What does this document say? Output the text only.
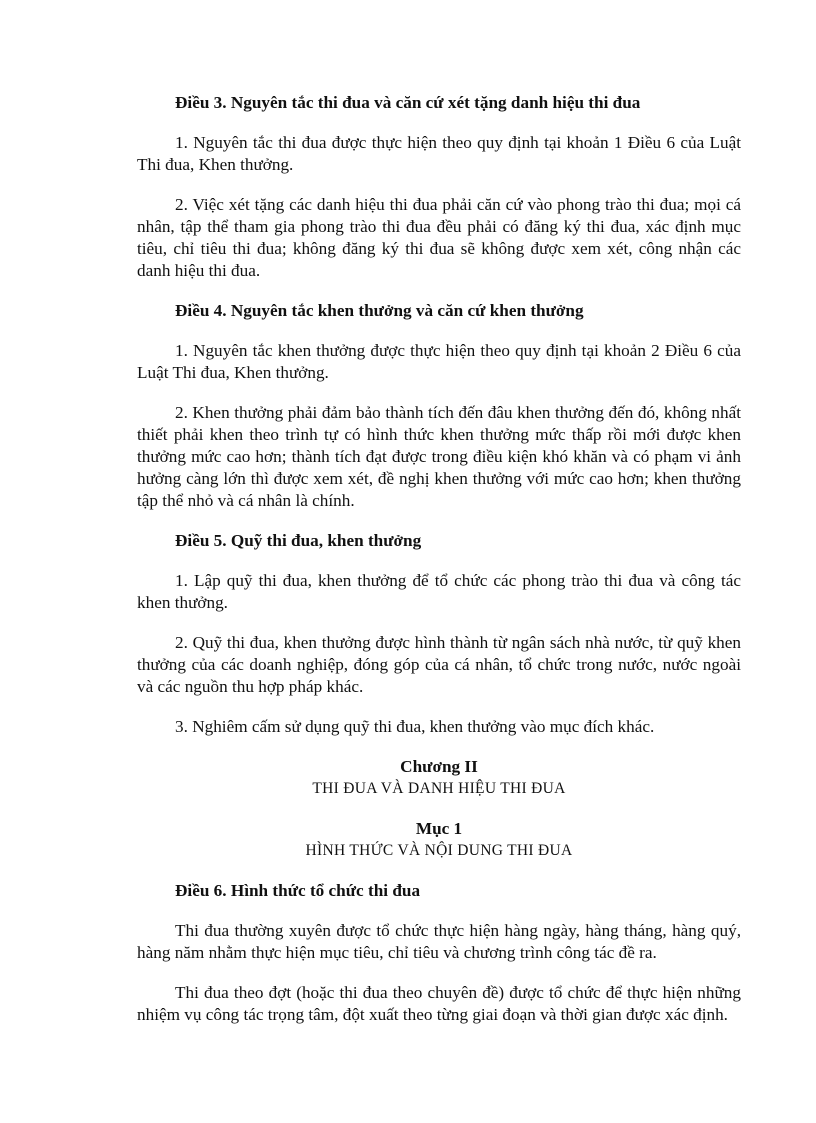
Điều 3. Nguyên tắc thi đua và căn cứ xét tặng danh hiệu thi đua

1. Nguyên tắc thi đua được thực hiện theo quy định tại khoản 1 Điều 6 của Luật Thi đua, Khen thưởng.

2. Việc xét tặng các danh hiệu thi đua phải căn cứ vào phong trào thi đua; mọi cá nhân, tập thể tham gia phong trào thi đua đều phải có đăng ký thi đua, xác định mục tiêu, chỉ tiêu thi đua; không đăng ký thi đua sẽ không được xem xét, công nhận các danh hiệu thi đua.

Điều 4. Nguyên tắc khen thưởng và căn cứ khen thưởng

1. Nguyên tắc khen thưởng được thực hiện theo quy định tại khoản 2 Điều 6 của Luật Thi đua, Khen thưởng.

2. Khen thưởng phải đảm bảo thành tích đến đâu khen thưởng đến đó, không nhất thiết phải khen theo trình tự có hình thức khen thưởng mức thấp rồi mới được khen thưởng mức cao hơn; thành tích đạt được trong điều kiện khó khăn và có phạm vi ảnh hưởng càng lớn thì được xem xét, đề nghị khen thưởng với mức cao hơn; khen thưởng tập thể nhỏ và cá nhân là chính.

Điều 5. Quỹ thi đua, khen thưởng

1. Lập quỹ thi đua, khen thưởng để tổ chức các phong trào thi đua và công tác khen thưởng.

2. Quỹ thi đua, khen thưởng được hình thành từ ngân sách nhà nước, từ quỹ khen thưởng của các doanh nghiệp, đóng góp của cá nhân, tổ chức trong nước, nước ngoài và các nguồn thu hợp pháp khác.

3. Nghiêm cấm sử dụng quỹ thi đua, khen thưởng vào mục đích khác.

Chương II

THI ĐUA VÀ DANH HIỆU THI ĐUA

Mục 1

HÌNH THỨC VÀ NỘI DUNG THI ĐUA

Điều 6. Hình thức tổ chức thi đua

Thi đua thường xuyên được tổ chức thực hiện hàng ngày, hàng tháng, hàng quý, hàng năm nhằm thực hiện mục tiêu, chỉ tiêu và chương trình công tác đề ra.

Thi đua theo đợt (hoặc thi đua theo chuyên đề) được tổ chức để thực hiện những nhiệm vụ công tác trọng tâm, đột xuất theo từng giai đoạn và thời gian được xác định.
